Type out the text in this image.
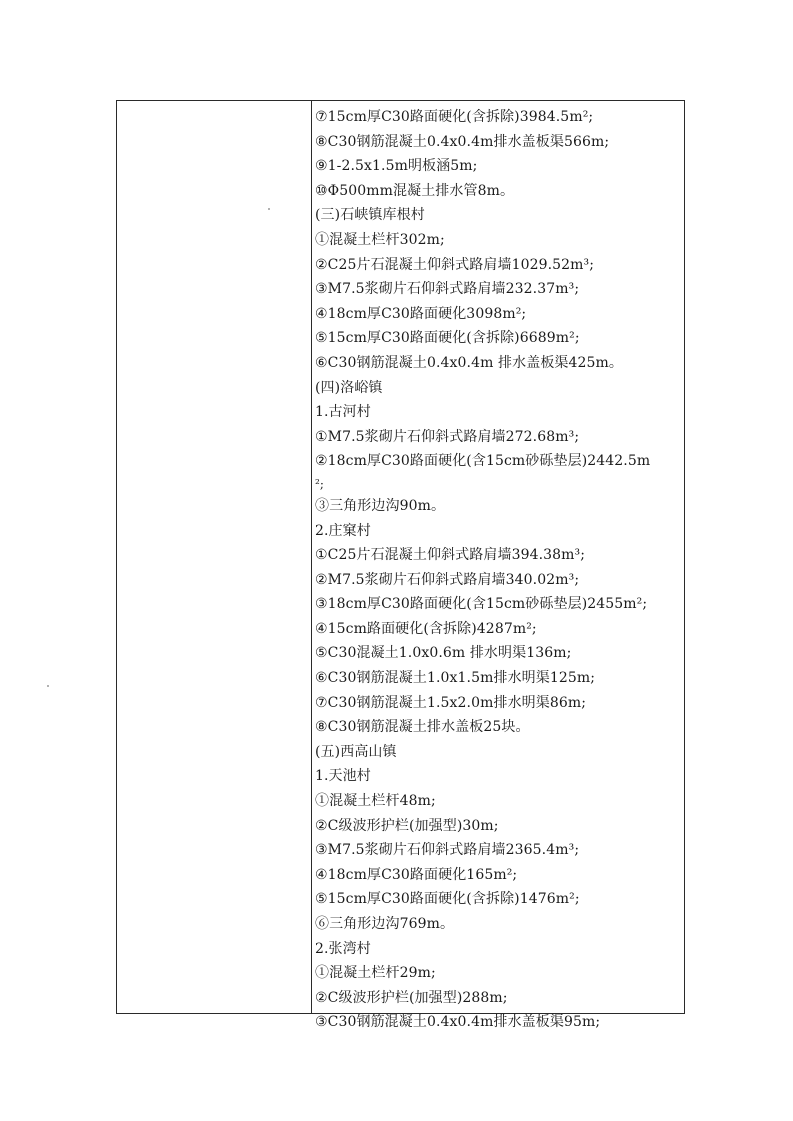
⑦15cm厚C30路面硬化(含拆除)3984.5m²;
⑧C30钢筋混凝土0.4x0.4m排水盖板渠566m;
⑨1-2.5x1.5m明板涵5m;
⑩Φ500mm混凝土排水管8m。
(三)石峡镇库根村
①混凝土栏杆302m;
②C25片石混凝土仰斜式路肩墙1029.52m³;
③M7.5浆砌片石仰斜式路肩墙232.37m³;
④18cm厚C30路面硬化3098m²;
⑤15cm厚C30路面硬化(含拆除)6689m²;
⑥C30钢筋混凝土0.4x0.4m 排水盖板渠425m。
(四)洛峪镇
1.古河村
①M7.5浆砌片石仰斜式路肩墙272.68m³;
②18cm厚C30路面硬化(含15cm砂砾垫层)2442.5m
²;
③三角形边沟90m。
2.庄窠村
①C25片石混凝土仰斜式路肩墙394.38m³;
②M7.5浆砌片石仰斜式路肩墙340.02m³;
③18cm厚C30路面硬化(含15cm砂砾垫层)2455m²;
④15cm路面硬化(含拆除)4287m²;
⑤C30混凝土1.0x0.6m 排水明渠136m;
⑥C30钢筋混凝土1.0x1.5m排水明渠125m;
⑦C30钢筋混凝土1.5x2.0m排水明渠86m;
⑧C30钢筋混凝土排水盖板25块。
(五)西高山镇
1.天池村
①混凝土栏杆48m;
②C级波形护栏(加强型)30m;
③M7.5浆砌片石仰斜式路肩墙2365.4m³;
④18cm厚C30路面硬化165m²;
⑤15cm厚C30路面硬化(含拆除)1476m²;
⑥三角形边沟769m。
2.张湾村
①混凝土栏杆29m;
②C级波形护栏(加强型)288m;
③C30钢筋混凝土0.4x0.4m排水盖板渠95m;
